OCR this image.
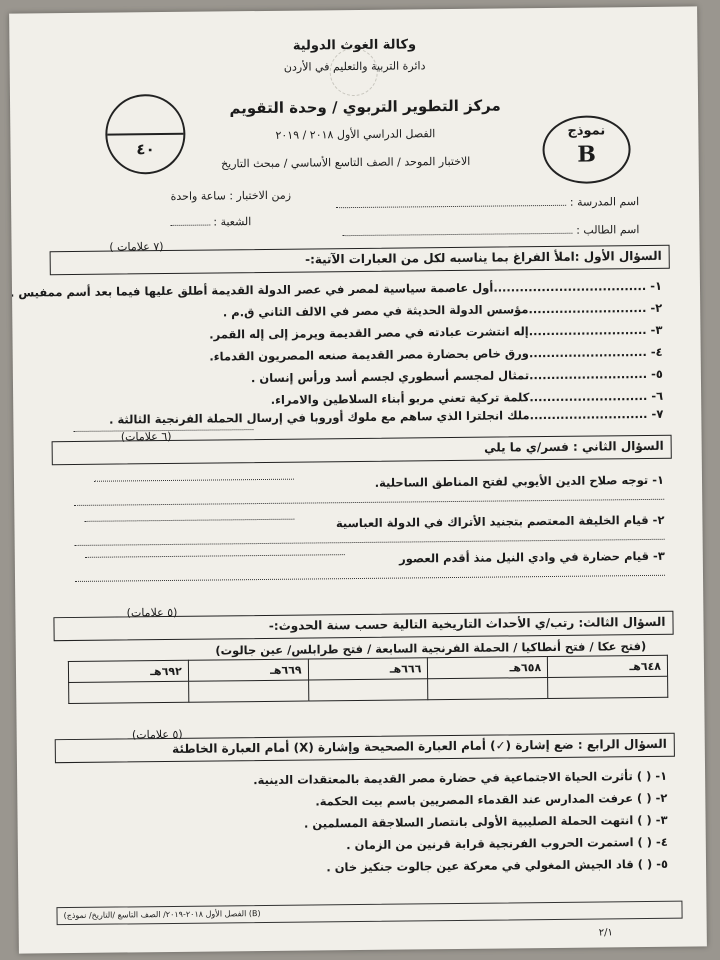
وكالة الغوث الدولية
دائرة التربية والتعليم في الأردن
مركز التطوير التربوي / وحدة التقويم
الفصل الدراسي الأول ٢٠١٨ / ٢٠١٩
الاختبار الموحد / الصف التاسع الأساسي / مبحث التاريخ
٤٠
نموذج
B
اسم المدرسة :
اسم الطالب :
زمن الاختبار : ساعة واحدة
الشعبة :
السؤال الأول :املأ الفراغ بما يناسبه لكل من العبارات الآتية:-
(٧ علامات )
١- ...................................أول عاصمة سياسية لمصر في عصر الدولة القديمة أطلق عليها فيما بعد أسم ممفيس .
٢- ...........................مؤسس الدولة الحديثة في مصر في الالف الثاني ق.م .
٣- ...........................إله انتشرت عبادته في مصر القديمة ويرمز إلى إله القمر.
٤- ...........................ورق خاص بحضارة مصر القديمة صنعه المصريون القدماء.
٥- ...........................تمثال لمجسم أسطوري لجسم أسد ورأس إنسان .
٦- ...........................كلمة تركية تعني مربو أبناء السلاطين والامراء.
٧- ...........................ملك انجلترا الذي ساهم مع ملوك أوروبا في إرسال الحملة الفرنجية الثالثة .
(٦ علامات)
السؤال الثاني : فسر/ي ما يلي
١- توجه صلاح الدين الأيوبي لفتح المناطق الساحلية.
٢- قيام الخليفة المعتصم بتجنيد الأتراك في الدولة العباسية
٣- قيام حضارة في وادي النيل منذ أقدم العصور
(٥ علامات)
السؤال الثالث: رتب/ي الأحداث التاريخية التالية حسب سنة الحدوث:-
(فتح عكا / فتح أنطاكيا / الحملة الفرنجية السابعة / فتح طرابلس/ عين جالوت)
٦٤٨هـ	٦٥٨هـ	٦٦٦هـ	٦٦٩هـ	٦٩٢هـ

(٥ علامات)
السؤال الرابع : ضع إشارة (✓) أمام العبارة الصحيحة وإشارة (X) أمام العبارة الخاطئة
١- ( ) تأثرت الحياة الاجتماعية في حضارة مصر القديمة بالمعتقدات الدينية.
٢- ( ) عرفت المدارس عند القدماء المصريين باسم بيت الحكمة.
٣- ( ) انتهت الحملة الصليبية الأولى بانتصار السلاجقة المسلمين .
٤- ( ) استمرت الحروب الفرنجية قرابة قرنين من الزمان .
٥- ( ) قاد الجيش المغولي في معركة عين جالوت جنكيز خان .
(الفصل الأول ٢٠١٨-٢٠١٩/ الصف التاسع /التاريخ/ نموذج (B)
٢/١
